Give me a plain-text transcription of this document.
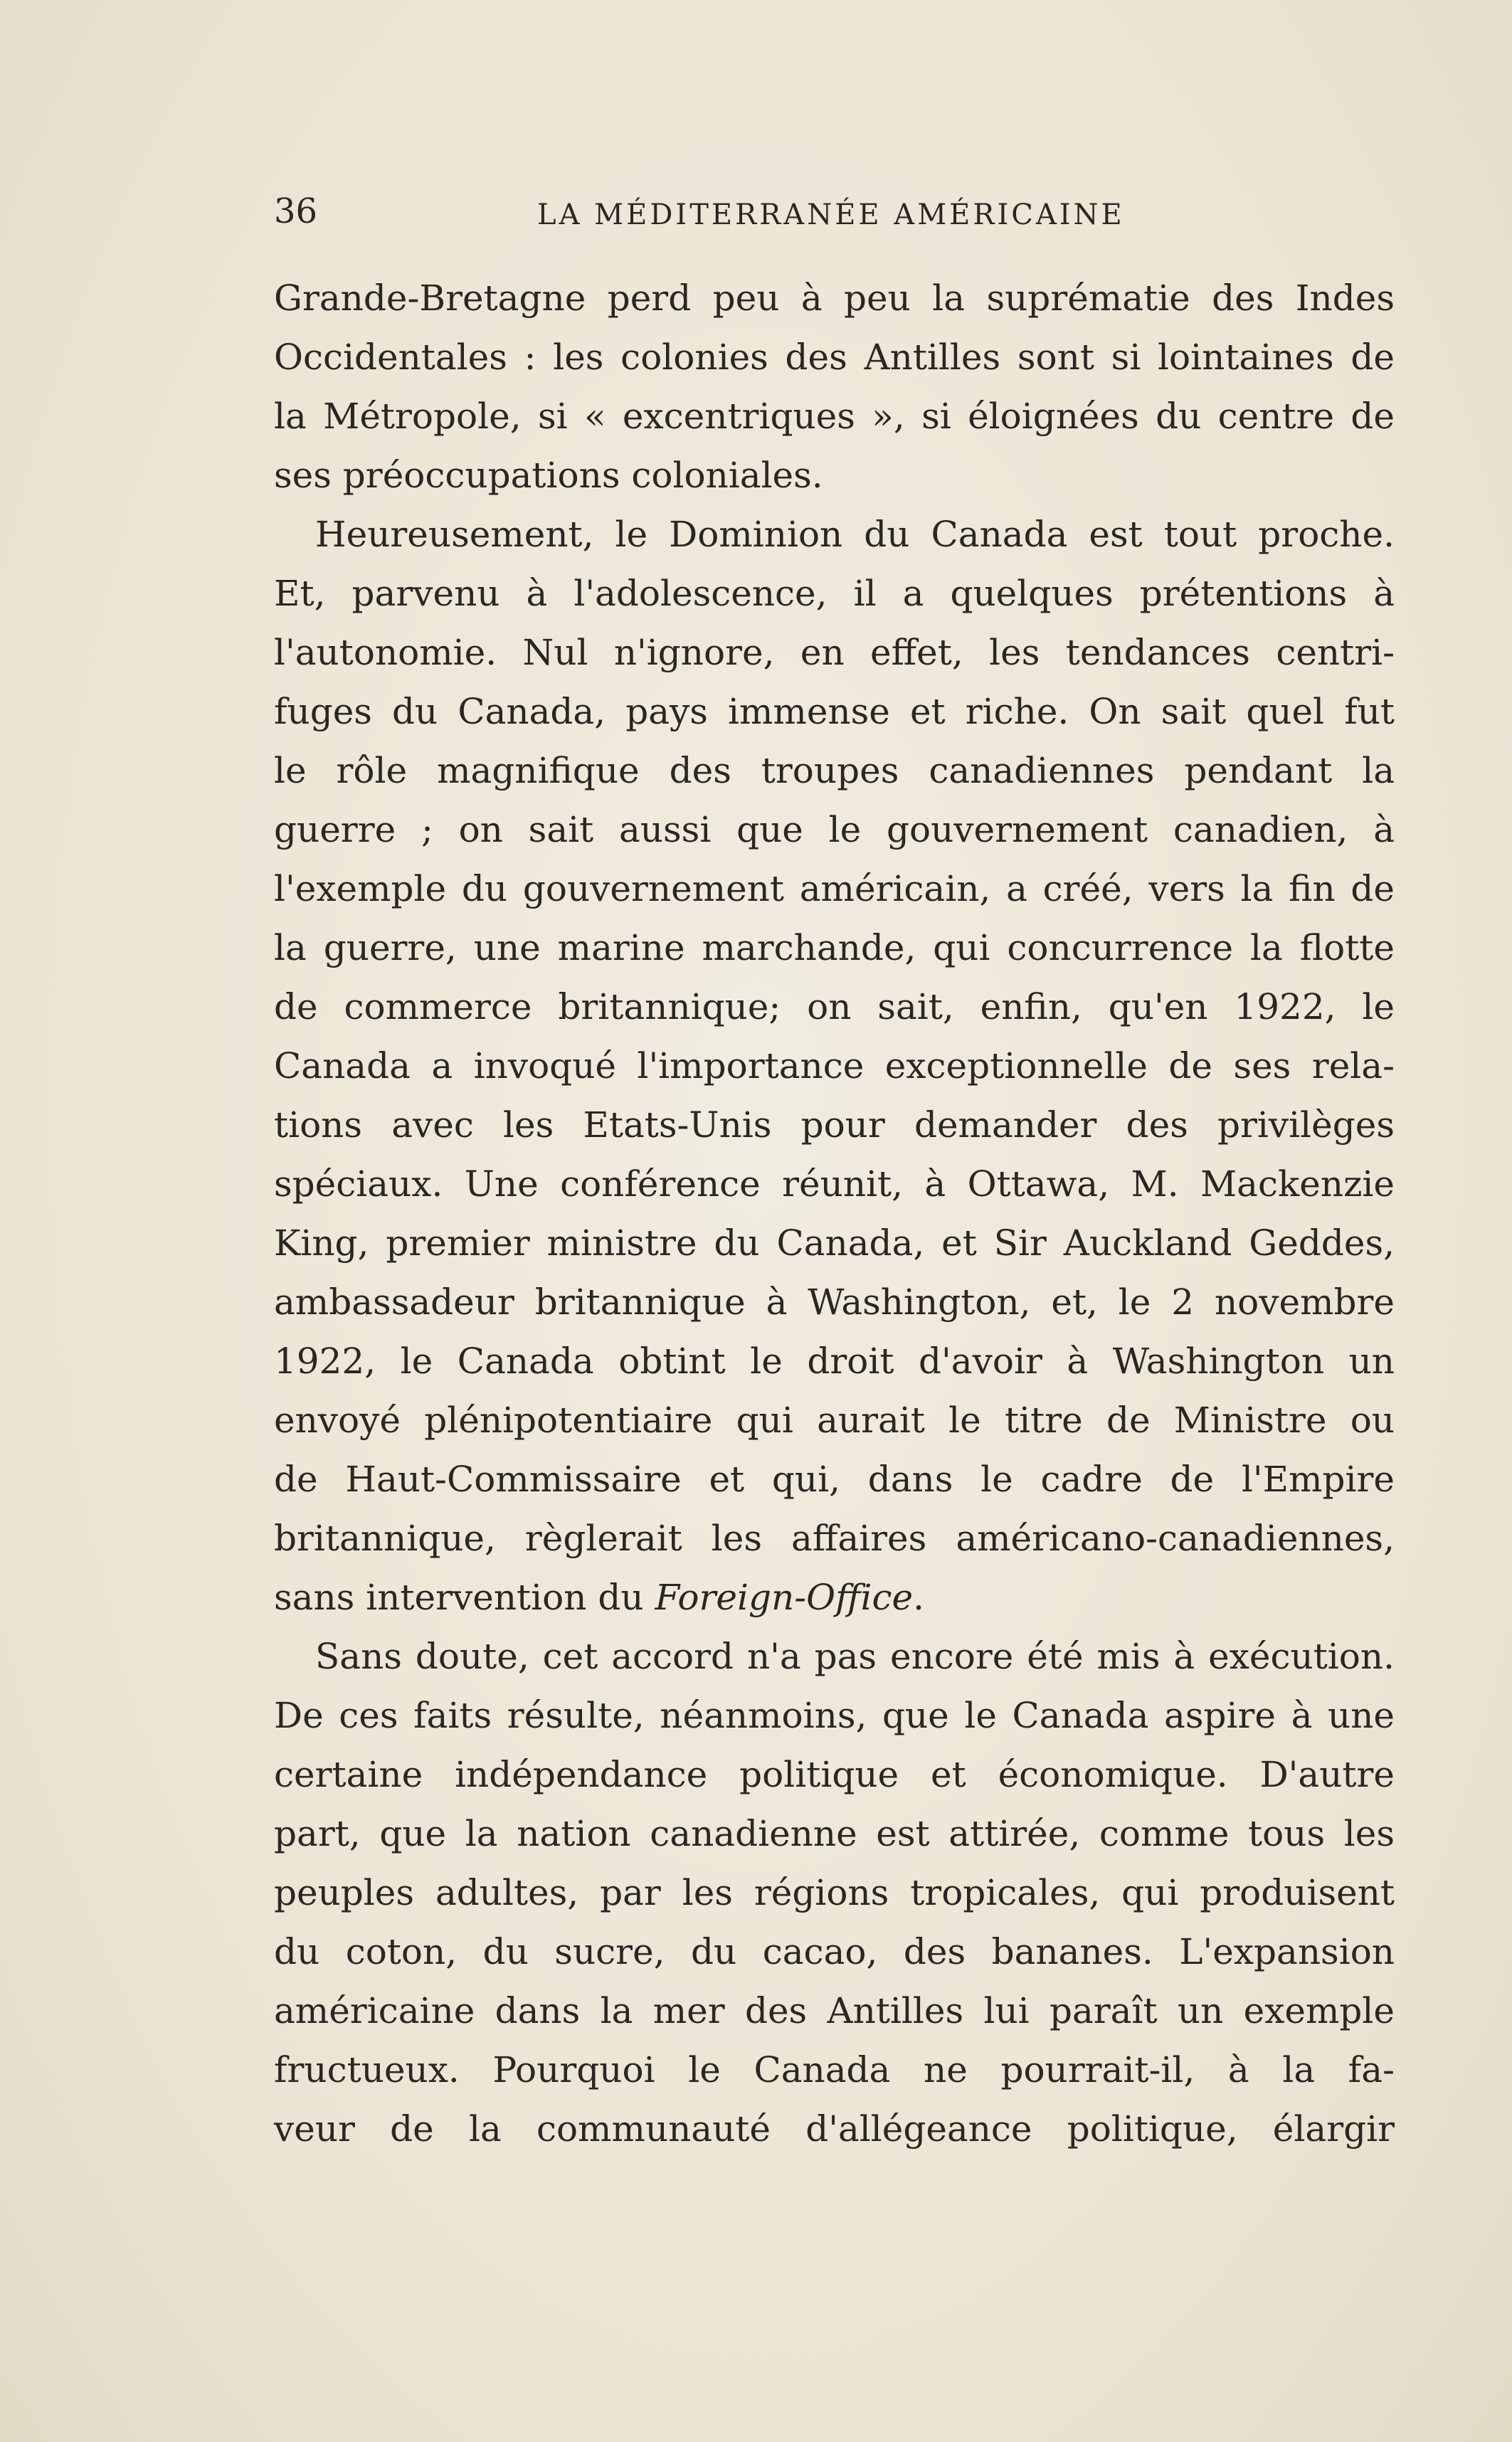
36	LA MÉDITERRANÉE AMÉRICAINE

Grande-Bretagne perd peu à peu la suprématie des Indes
Occidentales : les colonies des Antilles sont si lointaines de
la Métropole, si « excentriques », si éloignées du centre de
ses préoccupations coloniales.

Heureusement, le Dominion du Canada est tout proche.
Et, parvenu à l'adolescence, il a quelques prétentions à
l'autonomie. Nul n'ignore, en effet, les tendances centri-
fuges du Canada, pays immense et riche. On sait quel fut
le rôle magnifique des troupes canadiennes pendant la
guerre ; on sait aussi que le gouvernement canadien, à
l'exemple du gouvernement américain, a créé, vers la fin de
la guerre, une marine marchande, qui concurrence la flotte
de commerce britannique; on sait, enfin, qu'en 1922, le
Canada a invoqué l'importance exceptionnelle de ses rela-
tions avec les Etats-Unis pour demander des privilèges
spéciaux. Une conférence réunit, à Ottawa, M. Mackenzie
King, premier ministre du Canada, et Sir Auckland Geddes,
ambassadeur britannique à Washington, et, le 2 novembre
1922, le Canada obtint le droit d'avoir à Washington un
envoyé plénipotentiaire qui aurait le titre de Ministre ou
de Haut-Commissaire et qui, dans le cadre de l'Empire
britannique, règlerait les affaires américano-canadiennes,
sans intervention du Foreign-Office.

Sans doute, cet accord n'a pas encore été mis à exécution.
De ces faits résulte, néanmoins, que le Canada aspire à une
certaine indépendance politique et économique. D'autre
part, que la nation canadienne est attirée, comme tous les
peuples adultes, par les régions tropicales, qui produisent
du coton, du sucre, du cacao, des bananes. L'expansion
américaine dans la mer des Antilles lui paraît un exemple
fructueux. Pourquoi le Canada ne pourrait-il, à la fa-
veur de la communauté d'allégeance politique, élargir
